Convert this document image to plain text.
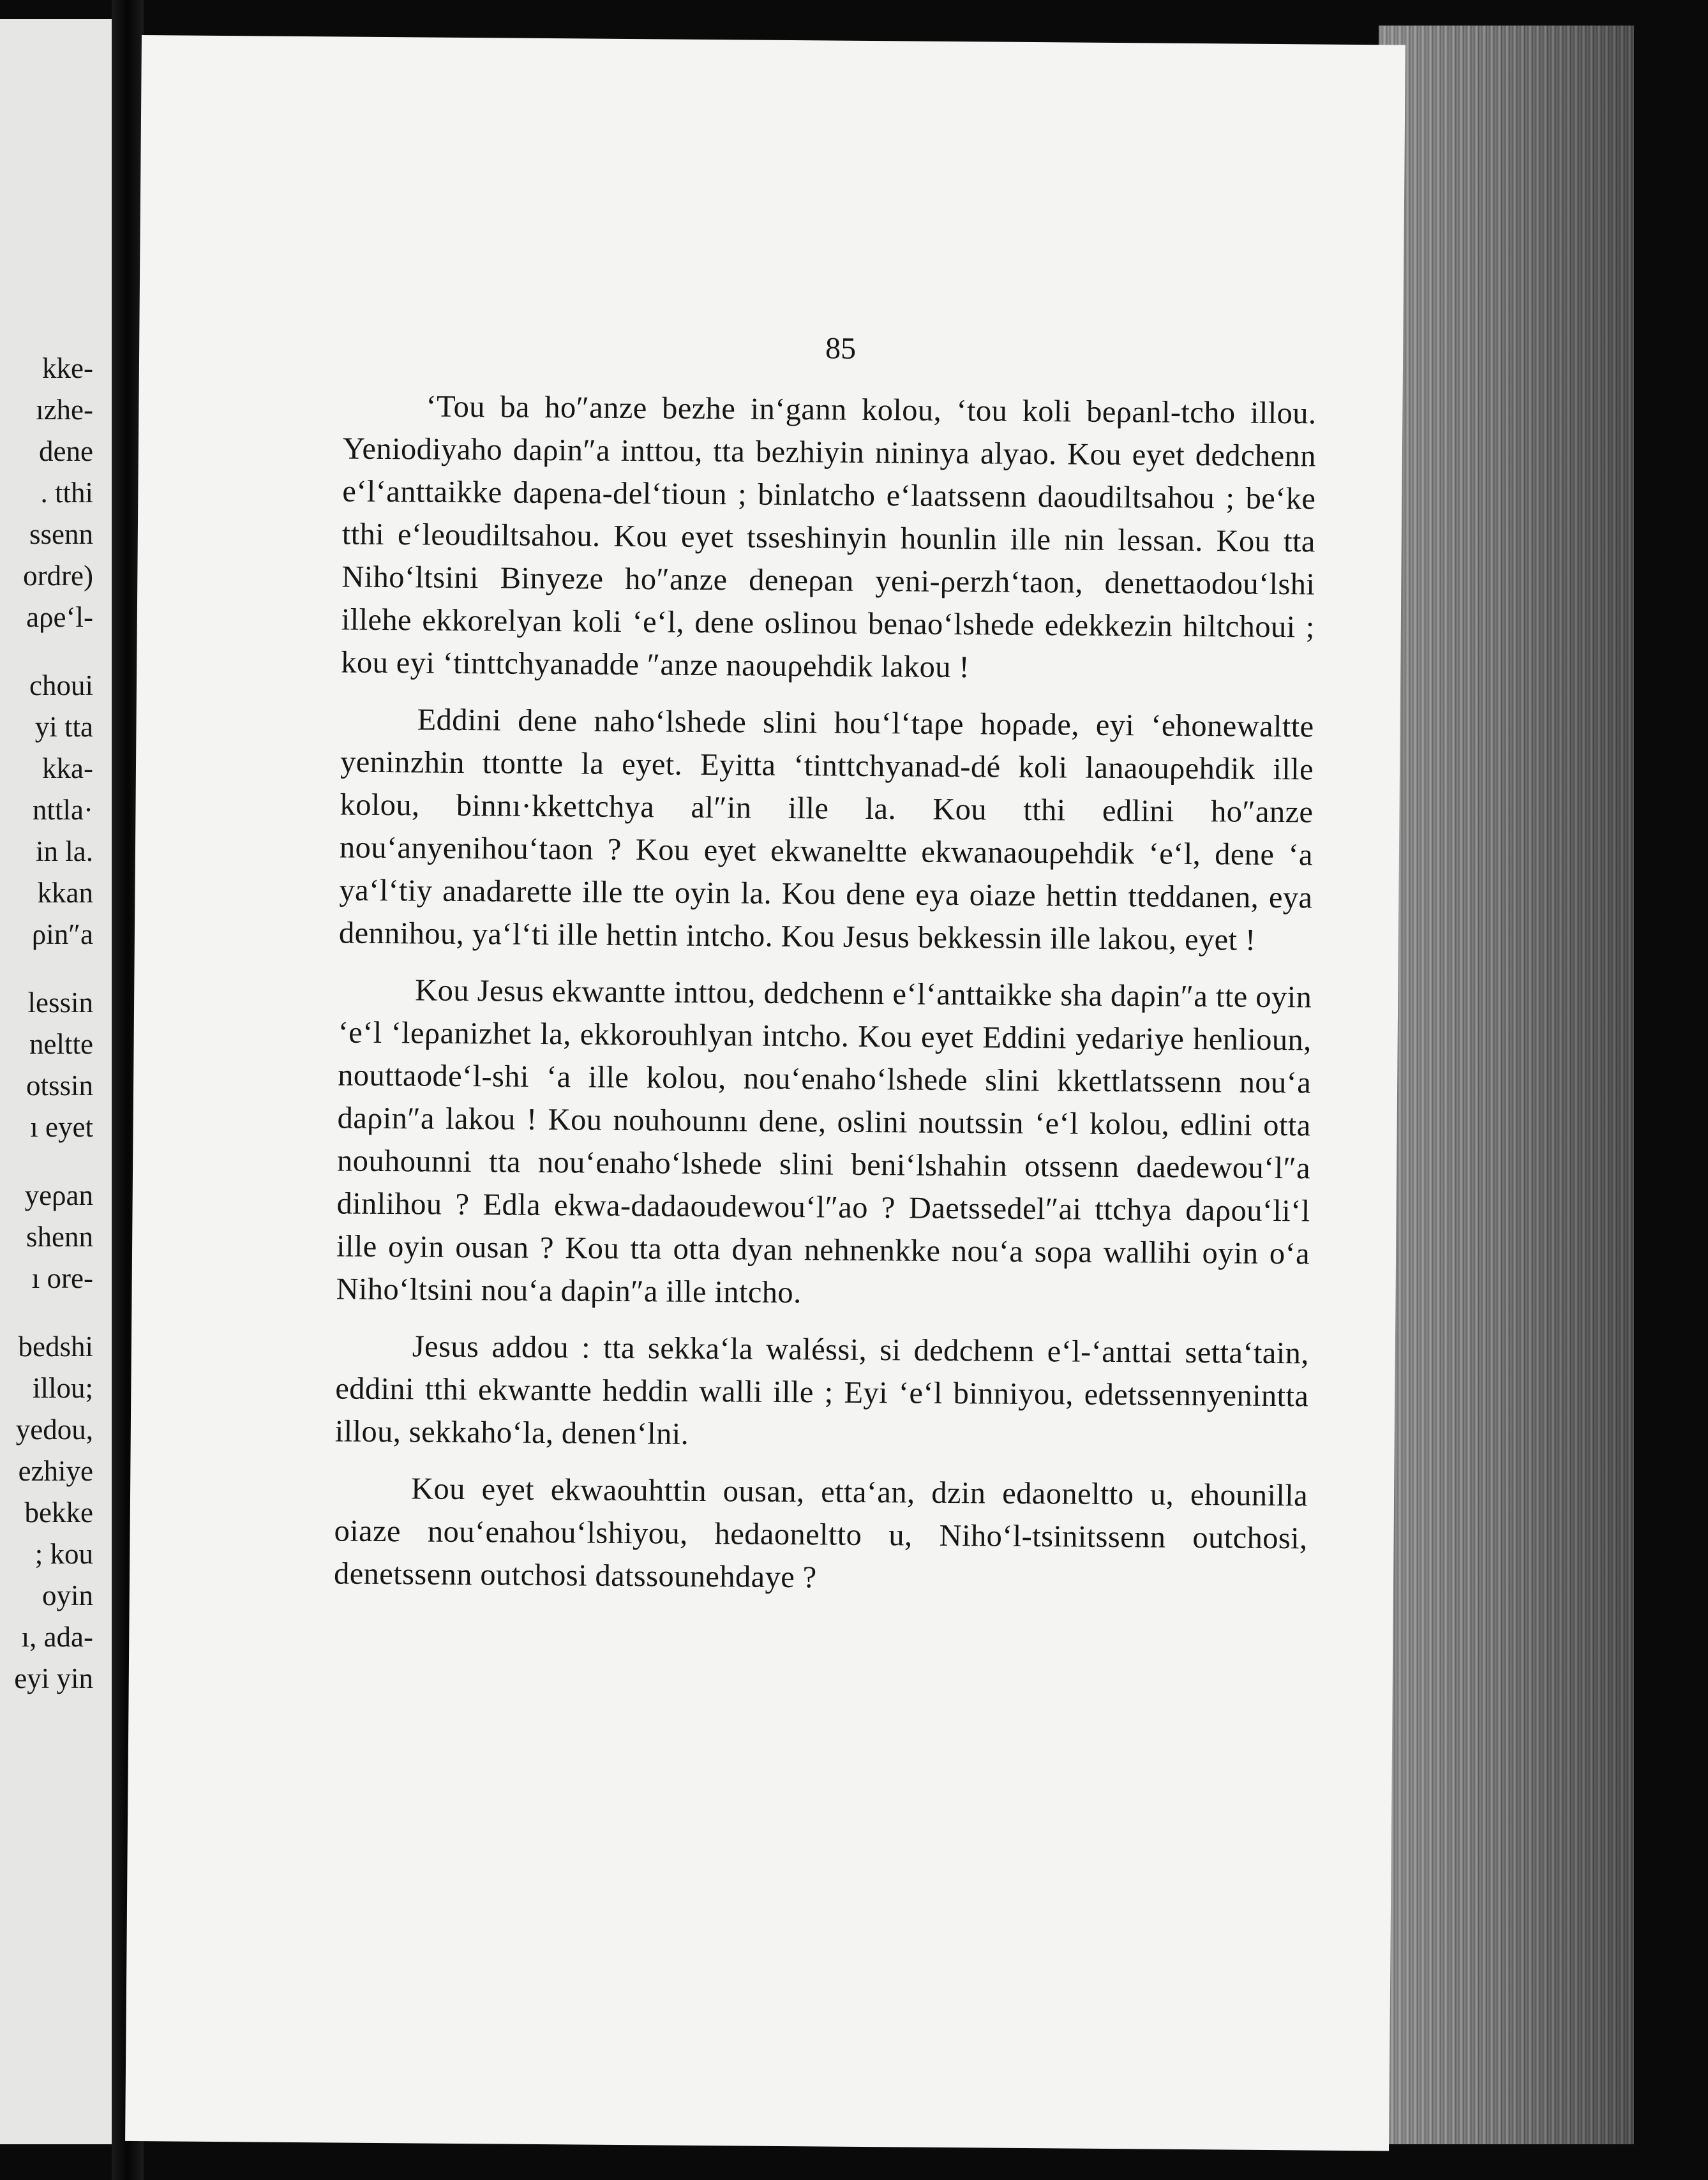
kke-
ızhe-
dene
. tthi
ssenn
ordre)
aρe‘l-
choui
yi tta
kka-
nttla·
in la.
kkan
ρin″a
lessin
neltte
otssin
ı eyet
yeρan
shenn
ı ore-
bedshi
illou;
yedou,
ezhiye
bekke
; kou
oyin
ı, ada-
eyi yin
85

‘Tou ba ho″anze bezhe in‘gann kolou, ‘tou koli beρanl-tcho illou. Yeniodiyaho daρin″a inttou, tta bezhiyin nininya alyao. Kou eyet dedchenn e‘l‘anttaikke daρena-del‘tioun ; binlatcho e‘laatssenn daoudiltsahou ; be‘ke tthi e‘leoudiltsahou. Kou eyet tsseshinyin hounlin ille nin lessan. Kou tta Niho‘ltsini Binyeze ho″anze deneρan yeni-ρerzh‘taon, denettaodou‘lshi illehe ekkorelyan koli ‘e‘l, dene oslinou benao‘lshede edekkezin hiltchoui ; kou eyi ‘tinttchyanadde ″anze naouρehdik lakou !

Eddini dene naho‘lshede slini hou‘l‘taρe hoρade, eyi ‘ehonewaltte yeninzhin ttontte la eyet. Eyitta ‘tinttchyanad-dé koli lanaouρehdik ille kolou, binnı·kkettchya al″in ille la. Kou tthi edlini ho″anze nou‘anyenihou‘taon ? Kou eyet ekwaneltte ekwanaouρehdik ‘e‘l, dene ‘a ya‘l‘tiy anadarette ille tte oyin la. Kou dene eya oiaze hettin tteddanen, eya dennihou, ya‘l‘ti ille hettin intcho. Kou Jesus bekkessin ille lakou, eyet !

Kou Jesus ekwantte inttou, dedchenn e‘l‘anttaikke sha daρin″a tte oyin ‘e‘l ‘leρanizhet la, ekkorouhlyan intcho. Kou eyet Eddini yedariye henlioun, nouttaode‘l-shi ‘a ille kolou, nou‘enaho‘lshede slini kkettlatssenn nou‘a daρin″a lakou ! Kou nouhounnı dene, oslini noutssin ‘e‘l kolou, edlini otta nouhounni tta nou‘enaho‘lshede slini beni‘lshahin otssenn daedewou‘l″a dinlihou ? Edla ekwa-dadaoudewou‘l″ao ? Daetssedel″ai ttchya daρou‘li‘l ille oyin ousan ? Kou tta otta dyan nehnenkke nou‘a soρa wallihi oyin o‘a Niho‘ltsini nou‘a daρin″a ille intcho.

Jesus addou : tta sekka‘la waléssi, si dedchenn e‘l-‘anttai setta‘tain, eddini tthi ekwantte heddin walli ille ; Eyi ‘e‘l binniyou, edetssennyenintta illou, sekkaho‘la, denen‘lni.

Kou eyet ekwaouhttin ousan, etta‘an, dzin edaoneltto u, ehounilla oiaze nou‘enahou‘lshiyou, hedaoneltto u, Niho‘l-tsinitssenn outchosi, denetssenn outchosi datssounehdaye ?
